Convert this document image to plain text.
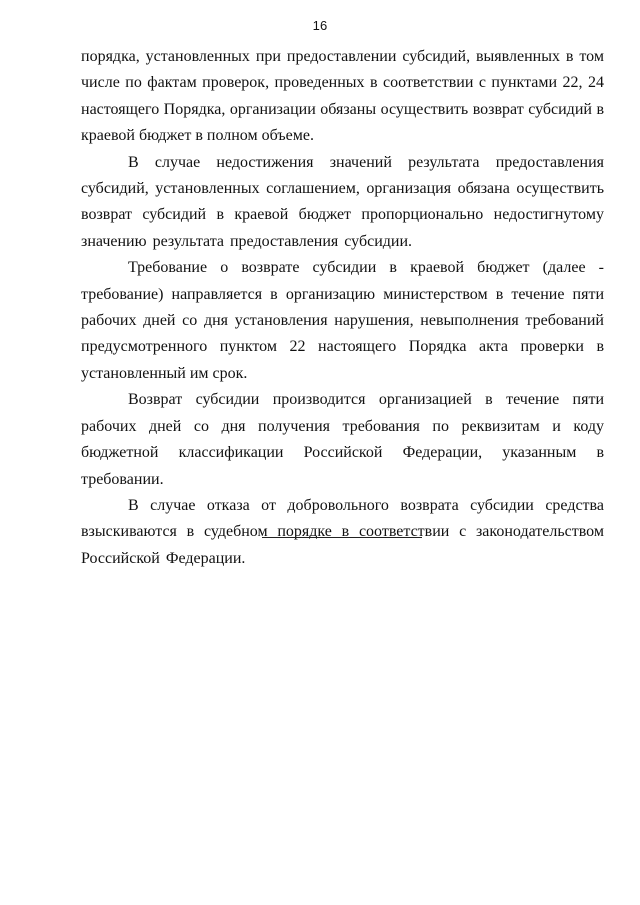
16

порядка, установленных при предоставлении субсидий, выявленных в том числе по фактам проверок, проведенных в соответствии с пунктами 22, 24 настоящего Порядка, организации обязаны осуществить возврат субсидий в краевой бюджет в полном объеме.

В случае недостижения значений результата предоставления субсидий, установленных соглашением, организация обязана осуществить возврат субсидий в краевой бюджет пропорционально недостигнутому значению результата предоставления субсидии.

Требование о возврате субсидии в краевой бюджет (далее - требование) направляется в организацию министерством в течение пяти рабочих дней со дня установления нарушения, невыполнения требований предусмотренного пунктом 22 настоящего Порядка акта проверки в установленный им срок.

Возврат субсидии производится организацией в течение пяти рабочих дней со дня получения требования по реквизитам и коду бюджетной классификации Российской Федерации, указанным в требовании.

В случае отказа от добровольного возврата субсидии средства взыскиваются в судебном порядке в соответствии с законодательством Российской Федерации.
